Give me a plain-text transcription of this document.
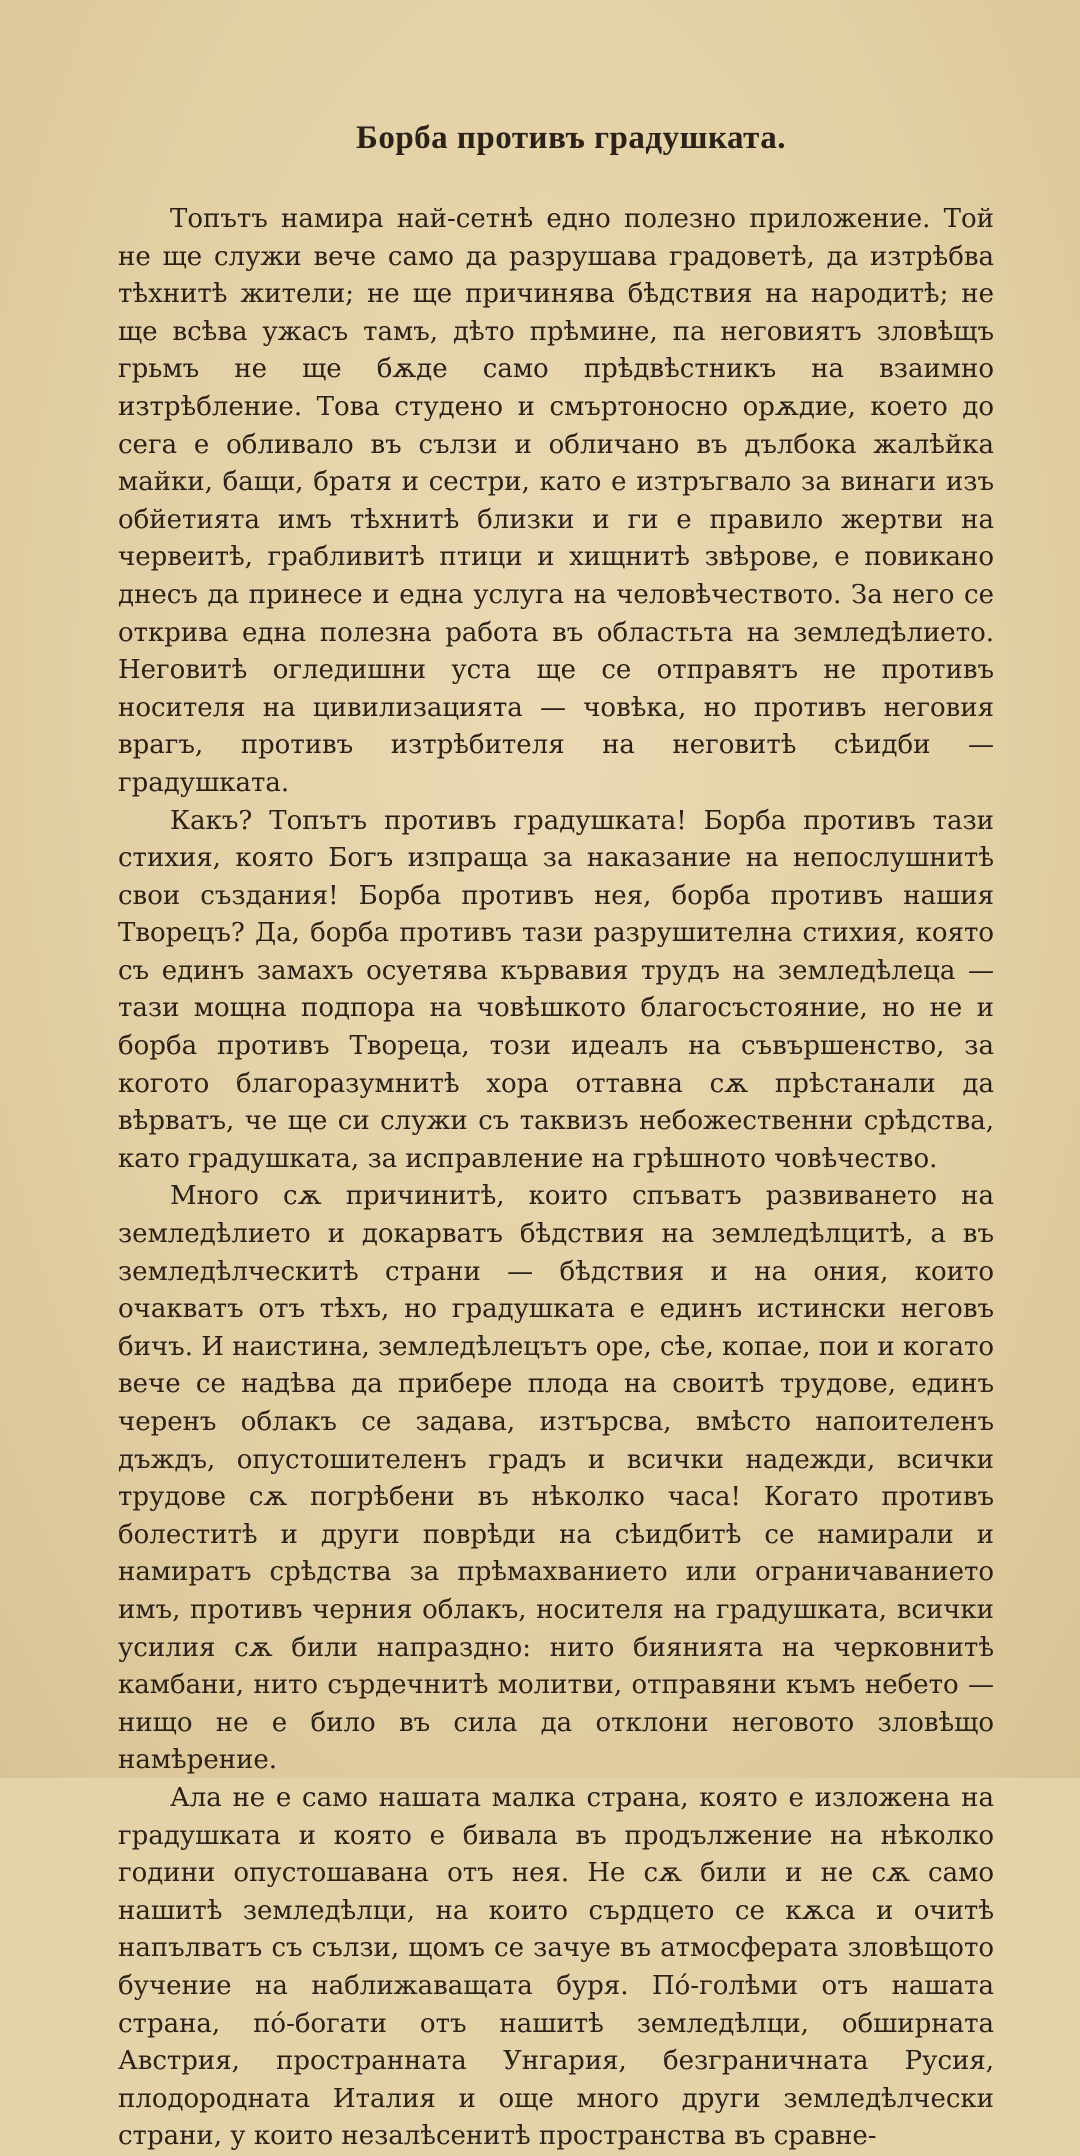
Борба противъ градушката.

Топътъ намира най-сетнѣ едно полезно приложение. Той не ще служи вече само да разрушава градоветѣ, да изтрѣбва тѣхнитѣ жители; не ще причинява бѣдствия на народитѣ; не ще всѣва ужасъ тамъ, дѣто прѣмине, па неговиятъ зловѣщъ грьмъ не ще бѫде само прѣдвѣстникъ на взаимно изтрѣбление. Това студено и смъртоносно орѫдие, което до сега е обливало въ сълзи и обличано въ дълбока жалѣйка майки, бащи, братя и сестри, като е изтръгвало за винаги изъ обйетията имъ тѣхнитѣ близки и ги е правило жертви на червеитѣ, грабливитѣ птици и хищнитѣ звѣрове, е повикано днесъ да принесе и една услуга на человѣчеството. За него се открива една полезна работа въ областьта на земледѣлието. Неговитѣ огледишни уста ще се отправятъ не противъ носителя на цивилизацията — човѣка, но противъ неговия врагъ, противъ изтрѣбителя на неговитѣ сѣидби — градушката.

Какъ? Топътъ противъ градушката! Борба противъ тази стихия, която Богъ изпраща за наказание на непослушнитѣ свои създания! Борба противъ нея, борба противъ нашия Творецъ? Да, борба противъ тази разрушителна стихия, която съ единъ замахъ осуетява кървавия трудъ на земледѣлеца — тази мощна подпора на човѣшкото благосъстояние, но не и борба противъ Твореца, този идеалъ на съвършенство, за когото благоразумнитѣ хора оттавна сѫ прѣстанали да вѣрватъ, че ще си служи съ таквизъ небожественни срѣдства, като градушката, за исправление на грѣшното човѣчество.

Много сѫ причинитѣ, които спъватъ развиването на земледѣлието и докарватъ бѣдствия на земледѣлцитѣ, а въ земледѣлческитѣ страни — бѣдствия и на ония, които очакватъ отъ тѣхъ, но градушката е единъ истински неговъ бичъ. И наистина, земледѣлецътъ оре, сѣе, копае, пои и когато вече се надѣва да прибере плода на своитѣ трудове, единъ черенъ облакъ се задава, изтърсва, вмѣсто напоителенъ дъждъ, опустошителенъ градъ и всички надежди, всички трудове сѫ погрѣбени въ нѣколко часа! Когато противъ болеститѣ и други поврѣди на сѣидбитѣ се намирали и намиратъ срѣдства за прѣмахванието или ограничаванието имъ, противъ черния облакъ, носителя на градушката, всички усилия сѫ били напраздно: нито биянията на черковнитѣ камбани, нито сърдечнитѣ молитви, отправяни къмъ небето — нищо не е било въ сила да отклони неговото зловѣщо намѣрение.

Ала не е само нашата малка страна, която е изложена на градушката и която е бивала въ продължение на нѣколко години опустошавана отъ нея. Не сѫ били и не сѫ само нашитѣ земледѣлци, на които сърдцето се кѫса и очитѣ напълватъ съ сълзи, щомъ се зачуе въ атмосферата зловѣщото бучение на наближаващата буря. По́-голѣми отъ нашата страна, по́-богати отъ нашитѣ земледѣлци, обширната Австрия, пространната Унгария, безграничната Русия, плодородната Италия и още много други земледѣлчески страни, у които незалѣсенитѣ пространства въ сравне-
